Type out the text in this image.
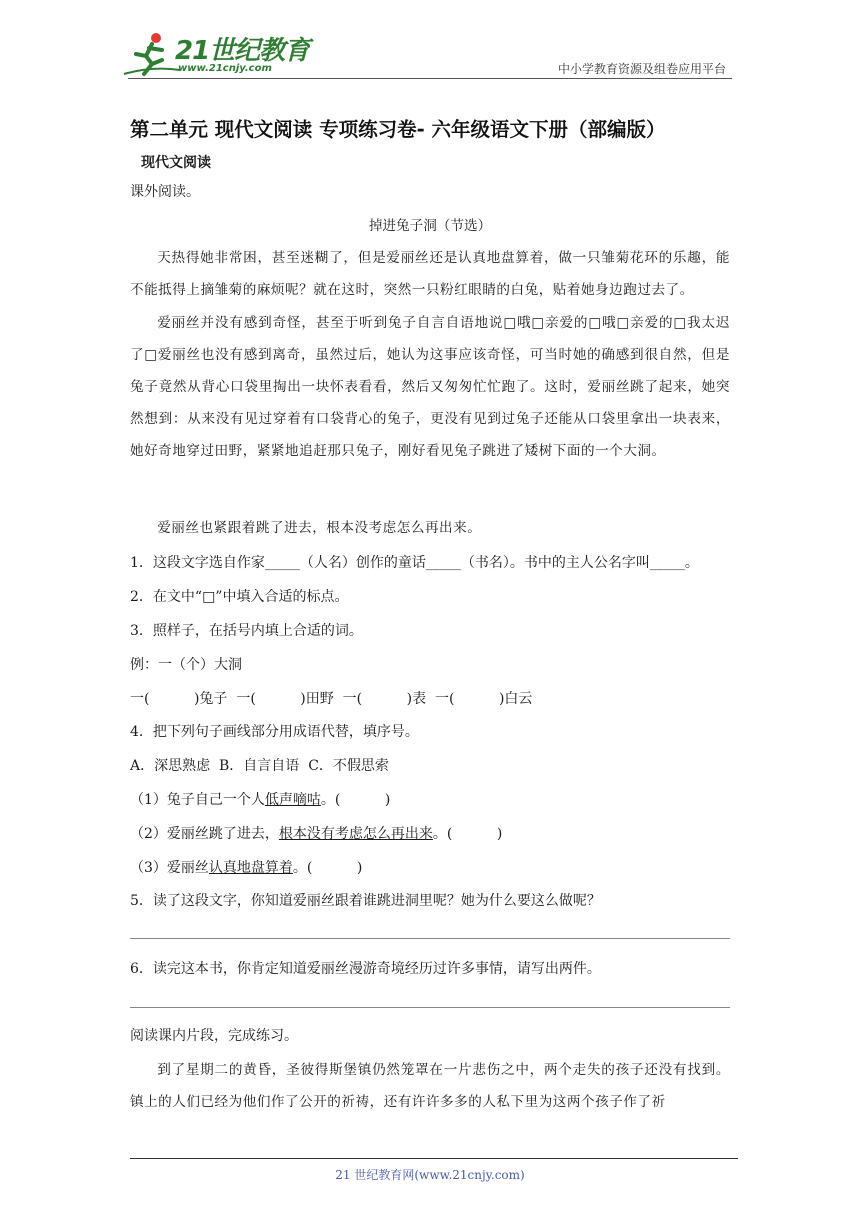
21世纪教育
www.21cnjy.com	中小学教育资源及组卷应用平台
第二单元 现代文阅读 专项练习卷- 六年级语文下册（部编版）
现代文阅读
课外阅读。
掉进兔子洞（节选）
天热得她非常困，甚至迷糊了，但是爱丽丝还是认真地盘算着，做一只雏菊花环的乐趣，能不能抵得上摘雏菊的麻烦呢？就在这时，突然一只粉红眼睛的白兔，贴着她身边跑过去了。
爱丽丝并没有感到奇怪，甚至于听到兔子自言自语地说□哦□亲爱的□哦□亲爱的□我太迟了□爱丽丝也没有感到离奇，虽然过后，她认为这事应该奇怪，可当时她的确感到很自然，但是兔子竟然从背心口袋里掏出一块怀表看看，然后又匆匆忙忙跑了。这时，爱丽丝跳了起来，她突然想到：从来没有见过穿着有口袋背心的兔子，更没有见到过兔子还能从口袋里拿出一块表来，她好奇地穿过田野，紧紧地追赶那只兔子，刚好看见兔子跳进了矮树下面的一个大洞。
爱丽丝也紧跟着跳了进去，根本没考虑怎么再出来。
1．这段文字选自作家_____（人名）创作的童话_____（书名）。书中的主人公名字叫_____。
2．在文中“□”中填入合适的标点。
3．照样子，在括号内填上合适的词。
例：一（个）大洞
一(          )兔子  一(          )田野  一(          )表  一(          )白云
4．把下列句子画线部分用成语代替，填序号。
A．深思熟虑  B．自言自语  C．不假思索
（1）兔子自己一个人低声嘀咕。(          )
（2）爱丽丝跳了进去，根本没有考虑怎么再出来。(          )
（3）爱丽丝认真地盘算着。(          )
5．读了这段文字，你知道爱丽丝跟着谁跳进洞里呢？她为什么要这么做呢？
6．读完这本书，你肯定知道爱丽丝漫游奇境经历过许多事情，请写出两件。
阅读课内片段，完成练习。
到了星期二的黄昏，圣彼得斯堡镇仍然笼罩在一片悲伤之中，两个走失的孩子还没有找到。镇上的人们已经为他们作了公开的祈祷，还有许许多多的人私下里为这两个孩子作了祈
21 世纪教育网(www.21cnjy.com)
